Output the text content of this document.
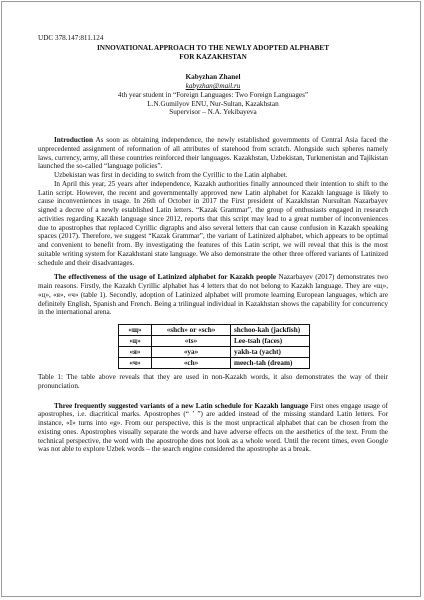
UDC 378.147:811.124

INNOVATIONAL APPROACH TO THE NEWLY ADOPTED ALPHABET

FOR KAZAKHSTAN

Kabyzhan Zhanel

kabyzhan@mail.ru

4th year student in “Foreign Languages: Two Foreign Languages”

L.N.Gumilyov ENU, Nur-Sultan, Kazakhstan

Supervisor – N.A. Yekibayeva

Introduction As soon as obtaining independence, the newly established governments of Central Asia faced the unprecedented assignment of reformation of all attributes of statehood from scratch. Alongside such spheres namely laws, currency, army, all these countries reinforced their languages. Kazakhstan, Uzbekistan, Turkmenistan and Tajikistan launched the so-called “language policies”.

Uzbekistan was first in deciding to switch from the Cyrillic to the Latin alphabet.

In April this year, 25 years after independence, Kazakh authorities finally announced their intention to shift to the Latin script. However, the recent and governmentally approved new Latin alphabet for Kazakh language is likely to cause inconveniences in usage. In 26th of October in 2017 the First president of Kazakhstan Nursultan Nazarbayev signed a decree of a newly established Latin letters. “Kazak Grammar”, the group of enthusiasts engaged in research activities regarding Kazakh language since 2012, reports that this script may lead to a great number of inconveniences due to apostrophes that replaced Cyrillic digraphs and also several letters that can cause confusion in Kazakh speaking spaces (2017). Therefore, we suggest “Kazak Grammar”, the variant of Latinized alphabet, which appears to be optimal and convenient to benefit from. By investigating the features of this Latin script, we will reveal that this is the most suitable writing system for Kazakhstani state language. We also demonstrate the other three offered variants of Latinized schedule and their disadvantages.

The effectiveness of the usage of Latinized alphabet for Kazakh people Nazarbayev (2017) demonstrates two main reasons. Firstly, the Kazakh Cyrillic alphabet has 4 letters that do not belong to Kazakh language. They are «щ», «ц», «я», «ч» (table 1). Secondly, adoption of Latinized alphabet will promote learning European languages, which are definitely English, Spanish and French. Being a trilingual individual in Kazakhstan shows the capability for concurrency in the international arena.

«щ»	«shch» or «sch»	shchoo-kah (jackfish)
«ц»	«ts»	Lee-tsah (faces)
«я»	«ya»	yakh-ta (yacht)
«ч»	«ch»	meech-tah (dream)

Table 1: The table above reveals that they are used in non-Kazakh words, it also demonstrates the way of their pronunciation.

Three frequently suggested variants of a new Latin schedule for Kazakh language First ones engage usage of apostrophes, i.e. diacritical marks. Apostrophes (“ ’ ”) are added instead of the missing standard Latin letters. For instance, «І» turns into «g». From our perspective, this is the most unpractical alphabet that can be chosen from the existing ones. Apostrophes visually separate the words and have adverse effects on the aesthetics of the text. From the technical perspective, the word with the apostrophe does not look as a whole word. Until the recent times, even Google was not able to explore Uzbek words – the search engine considered the apostrophe as a break.
